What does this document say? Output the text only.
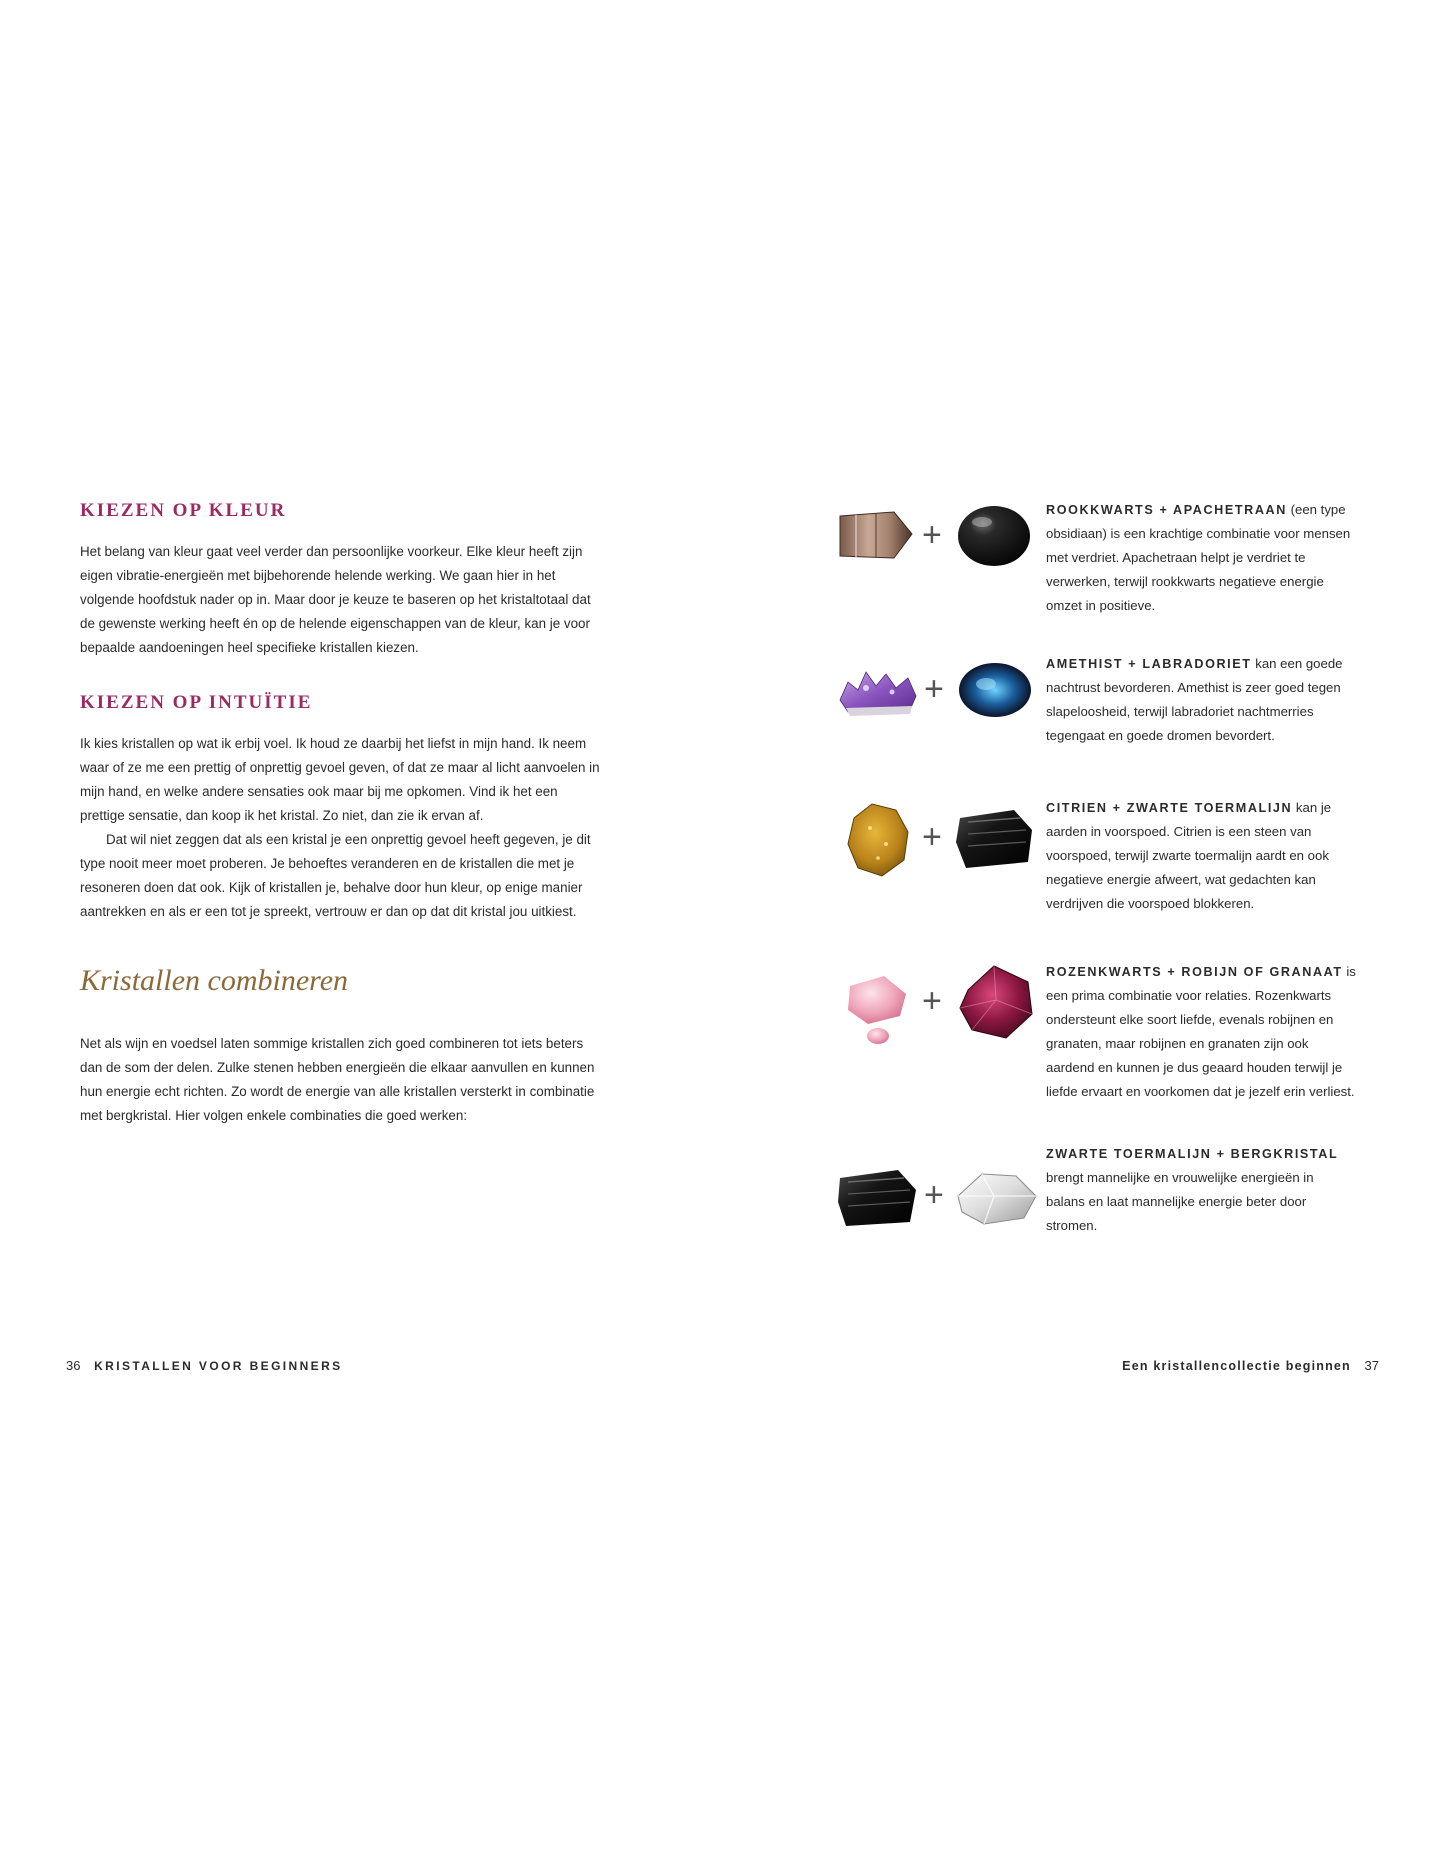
KIEZEN OP KLEUR

Het belang van kleur gaat veel verder dan persoonlijke voorkeur. Elke kleur heeft zijn eigen vibratie-energieën met bijbehorende helende werking. We gaan hier in het volgende hoofdstuk nader op in. Maar door je keuze te baseren op het kristaltotaal dat de gewenste werking heeft én op de helende eigenschappen van de kleur, kan je voor bepaalde aandoeningen heel specifieke kristallen kiezen.

KIEZEN OP INTUÏTIE

Ik kies kristallen op wat ik erbij voel. Ik houd ze daarbij het liefst in mijn hand. Ik neem waar of ze me een prettig of onprettig gevoel geven, of dat ze maar al licht aanvoelen in mijn hand, en welke andere sensaties ook maar bij me opkomen. Vind ik het een prettige sensatie, dan koop ik het kristal. Zo niet, dan zie ik ervan af.

Dat wil niet zeggen dat als een kristal je een onprettig gevoel heeft gegeven, je dit type nooit meer moet proberen. Je behoeftes veranderen en de kristallen die met je resoneren doen dat ook. Kijk of kristallen je, behalve door hun kleur, op enige manier aantrekken en als er een tot je spreekt, vertrouw er dan op dat dit kristal jou uitkiest.

Kristallen combineren

Net als wijn en voedsel laten sommige kristallen zich goed combineren tot iets beters dan de som der delen. Zulke stenen hebben energieën die elkaar aanvullen en kunnen hun energie echt richten. Zo wordt de energie van alle kristallen versterkt in combinatie met bergkristal. Hier volgen enkele combinaties die goed werken:

+
ROOKKWARTS + APACHETRAAN (een type obsidiaan) is een krachtige combinatie voor mensen met verdriet. Apachetraan helpt je verdriet te verwerken, terwijl rookkwarts negatieve energie omzet in positieve.
+
AMETHIST + LABRADORIET kan een goede nachtrust bevorderen. Amethist is zeer goed tegen slapeloosheid, terwijl labradoriet nachtmerries tegengaat en goede dromen bevordert.
+
CITRIEN + ZWARTE TOERMALIJN kan je aarden in voorspoed. Citrien is een steen van voorspoed, terwijl zwarte toermalijn aardt en ook negatieve energie afweert, wat gedachten kan verdrijven die voorspoed blokkeren.
+
ROZENKWARTS + ROBIJN OF GRANAAT is een prima combinatie voor relaties. Rozenkwarts ondersteunt elke soort liefde, evenals robijnen en granaten, maar robijnen en granaten zijn ook aardend en kunnen je dus geaard houden terwijl je liefde ervaart en voorkomen dat je jezelf erin verliest.
+
ZWARTE TOERMALIJN + BERGKRISTAL brengt mannelijke en vrouwelijke energieën in balans en laat mannelijke energie beter door stromen.
36 KRISTALLEN VOOR BEGINNERS	Een kristallencollectie beginnen 37
